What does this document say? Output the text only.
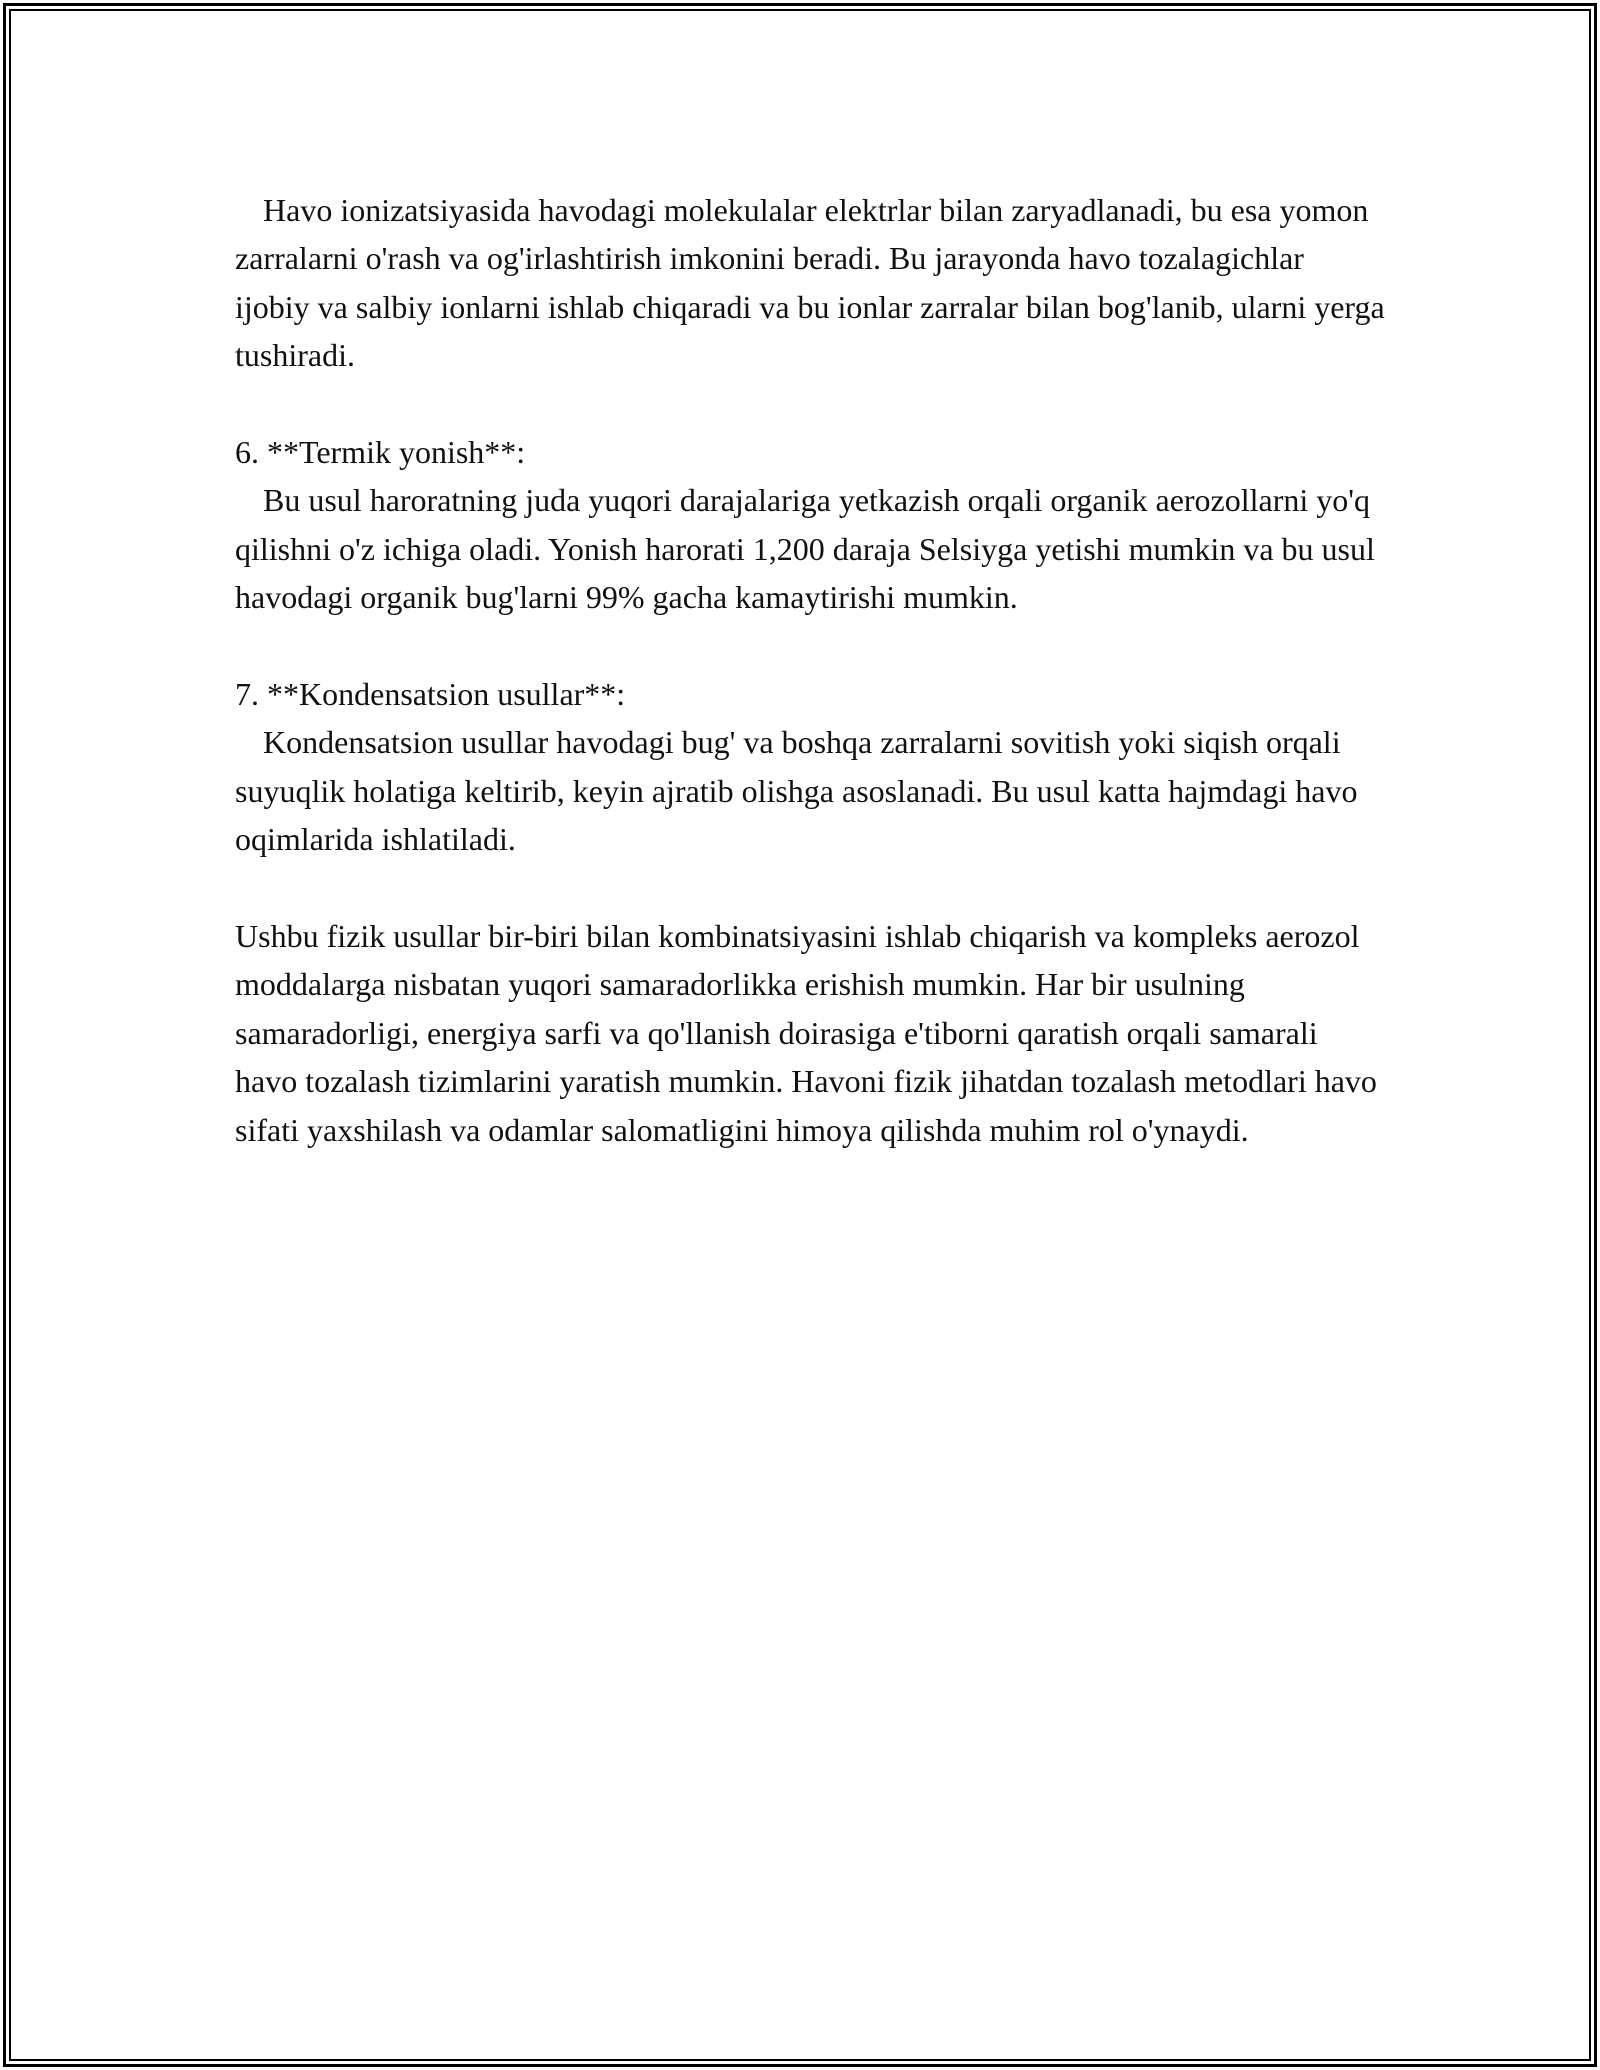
Havo ionizatsiyasida havodagi molekulalar elektrlar bilan zaryadlanadi, bu esa yomon zarralarni o'rash va og'irlashtirish imkonini beradi. Bu jarayonda havo tozalagichlar ijobiy va salbiy ionlarni ishlab chiqaradi va bu ionlar zarralar bilan bog'lanib, ularni yerga tushiradi.

6. **Termik yonish**:

Bu usul haroratning juda yuqori darajalariga yetkazish orqali organik aerozollarni yo'q qilishni o'z ichiga oladi. Yonish harorati 1,200 daraja Selsiyga yetishi mumkin va bu usul havodagi organik bug'larni 99% gacha kamaytirishi mumkin.

7. **Kondensatsion usullar**:

Kondensatsion usullar havodagi bug' va boshqa zarralarni sovitish yoki siqish orqali suyuqlik holatiga keltirib, keyin ajratib olishga asoslanadi. Bu usul katta hajmdagi havo oqimlarida ishlatiladi.

Ushbu fizik usullar bir-biri bilan kombinatsiyasini ishlab chiqarish va kompleks aerozol moddalarga nisbatan yuqori samaradorlikka erishish mumkin. Har bir usulning samaradorligi, energiya sarfi va qo'llanish doirasiga e'tiborni qaratish orqali samarali havo tozalash tizimlarini yaratish mumkin. Havoni fizik jihatdan tozalash metodlari havo sifati yaxshilash va odamlar salomatligini himoya qilishda muhim rol o'ynaydi.
